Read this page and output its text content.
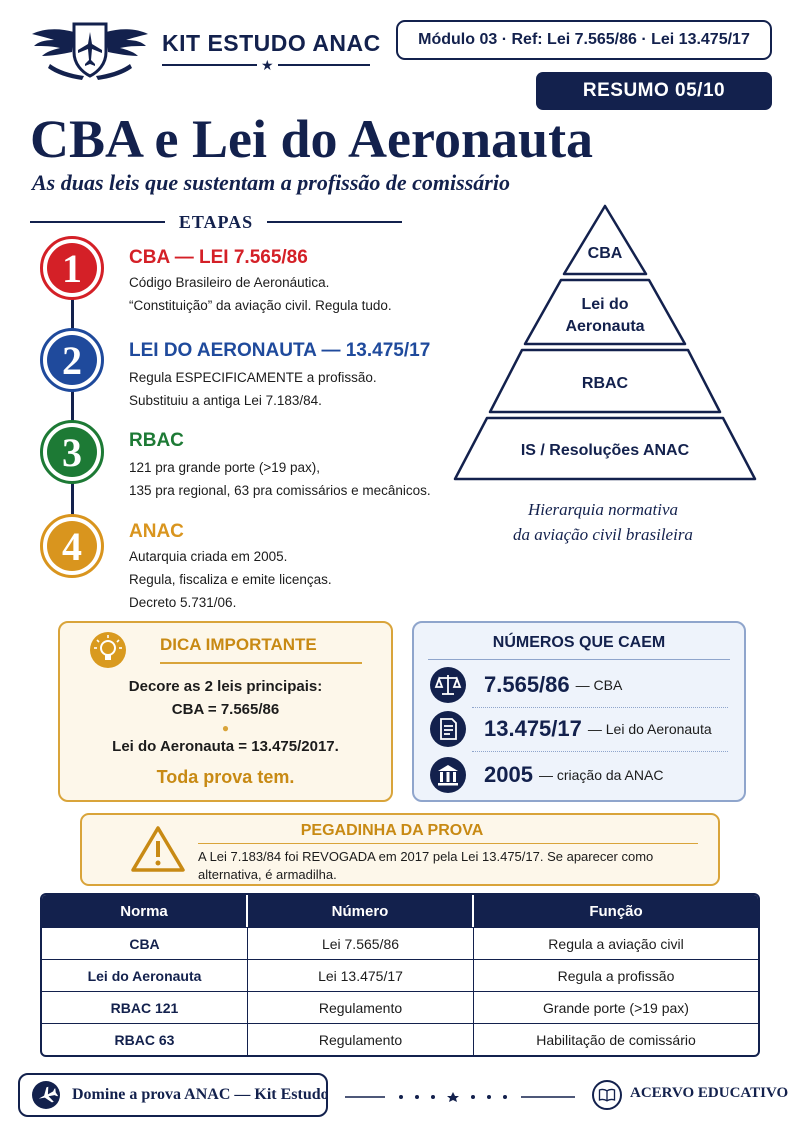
KIT ESTUDO ANAC
★
Módulo 03 · Ref: Lei 7.565/86 · Lei 13.475/17
RESUMO 05/10
CBA e Lei do Aeronauta
As duas leis que sustentam a profissão de comissário
ETAPAS
1	CBA — LEI 7.565/86
Código Brasileiro de Aeronáutica.
“Constituição” da aviação civil. Regula tudo.
2	LEI DO AERONAUTA — 13.475/17
Regula ESPECIFICAMENTE a profissão.
Substituiu a antiga Lei 7.183/84.
3	RBAC
121 pra grande porte (>19 pax),
135 pra regional, 63 pra comissários e mecânicos.
4	ANAC
Autarquia criada em 2005.
Regula, fiscaliza e emite licenças.
Decreto 5.731/06.
CBA
Lei do
Aeronauta
RBAC
IS / Resoluções ANAC
Hierarquia normativa
da aviação civil brasileira
DICA IMPORTANTE
Decore as 2 leis principais:
CBA = 7.565/86
●
Lei do Aeronauta = 13.475/2017.
Toda prova tem.
NÚMEROS QUE CAEM
7.565/86 — CBA
13.475/17 — Lei do Aeronauta
2005 — criação da ANAC
PEGADINHA DA PROVA
A Lei 7.183/84 foi REVOGADA em 2017 pela Lei 13.475/17. Se aparecer como alternativa, é armadilha.
Norma	Número	Função
CBA	Lei 7.565/86	Regula a aviação civil
Lei do Aeronauta	Lei 13.475/17	Regula a profissão
RBAC 121	Regulamento	Grande porte (>19 pax)
RBAC 63	Regulamento	Habilitação de comissário
Domine a prova ANAC — Kit Estudo	ACERVO EDUCATIVO
